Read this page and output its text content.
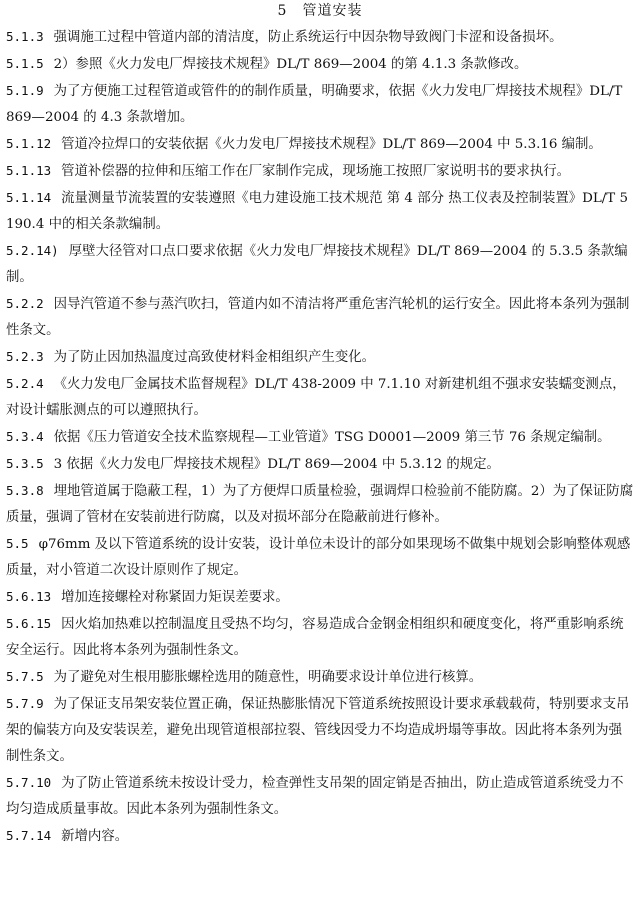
5　管道安装

5.1.3 强调施工过程中管道内部的清洁度，防止系统运行中因杂物导致阀门卡涩和设备损坏。

5.1.5 2）参照《火力发电厂焊接技术规程》DL/T 869—2004 的第 4.1.3 条款修改。

5.1.9 为了方便施工过程管道或管件的的制作质量，明确要求，依据《火力发电厂焊接技术规程》DL/T 869—2004 的 4.3 条款增加。

5.1.12 管道冷拉焊口的安装依据《火力发电厂焊接技术规程》DL/T 869—2004 中 5.3.16 编制。

5.1.13 管道补偿器的拉伸和压缩工作在厂家制作完成，现场施工按照厂家说明书的要求执行。

5.1.14 流量测量节流装置的安装遵照《电力建设施工技术规范 第 4 部分 热工仪表及控制装置》DL/T 5190.4 中的相关条款编制。

5.2.14) 厚壁大径管对口点口要求依据《火力发电厂焊接技术规程》DL/T 869—2004 的 5.3.5 条款编制。

5.2.2 因导汽管道不参与蒸汽吹扫，管道内如不清洁将严重危害汽轮机的运行安全。因此将本条列为强制性条文。

5.2.3 为了防止因加热温度过高致使材料金相组织产生变化。

5.2.4 《火力发电厂金属技术监督规程》DL/T 438-2009 中 7.1.10 对新建机组不强求安装蠕变测点，对设计蠕胀测点的可以遵照执行。

5.3.4 依据《压力管道安全技术监察规程—工业管道》TSG D0001—2009 第三节 76 条规定编制。

5.3.5 3 依据《火力发电厂焊接技术规程》DL/T 869—2004 中 5.3.12 的规定。

5.3.8 埋地管道属于隐蔽工程，1）为了方便焊口质量检验，强调焊口检验前不能防腐。2）为了保证防腐质量，强调了管材在安装前进行防腐，以及对损坏部分在隐蔽前进行修补。

5.5 φ76mm 及以下管道系统的设计安装，设计单位未设计的部分如果现场不做集中规划会影响整体观感质量，对小管道二次设计原则作了规定。

5.6.13 增加连接螺栓对称紧固力矩误差要求。

5.6.15 因火焰加热难以控制温度且受热不均匀，容易造成合金钢金相组织和硬度变化，将严重影响系统安全运行。因此将本条列为强制性条文。

5.7.5 为了避免对生根用膨胀螺栓选用的随意性，明确要求设计单位进行核算。

5.7.9 为了保证支吊架安装位置正确，保证热膨胀情况下管道系统按照设计要求承载载荷，特别要求支吊架的偏装方向及安装误差，避免出现管道根部拉裂、管线因受力不均造成坍塌等事故。因此将本条列为强制性条文。

5.7.10 为了防止管道系统未按设计受力，检查弹性支吊架的固定销是否抽出，防止造成管道系统受力不均匀造成质量事故。因此本条列为强制性条文。

5.7.14 新增内容。
